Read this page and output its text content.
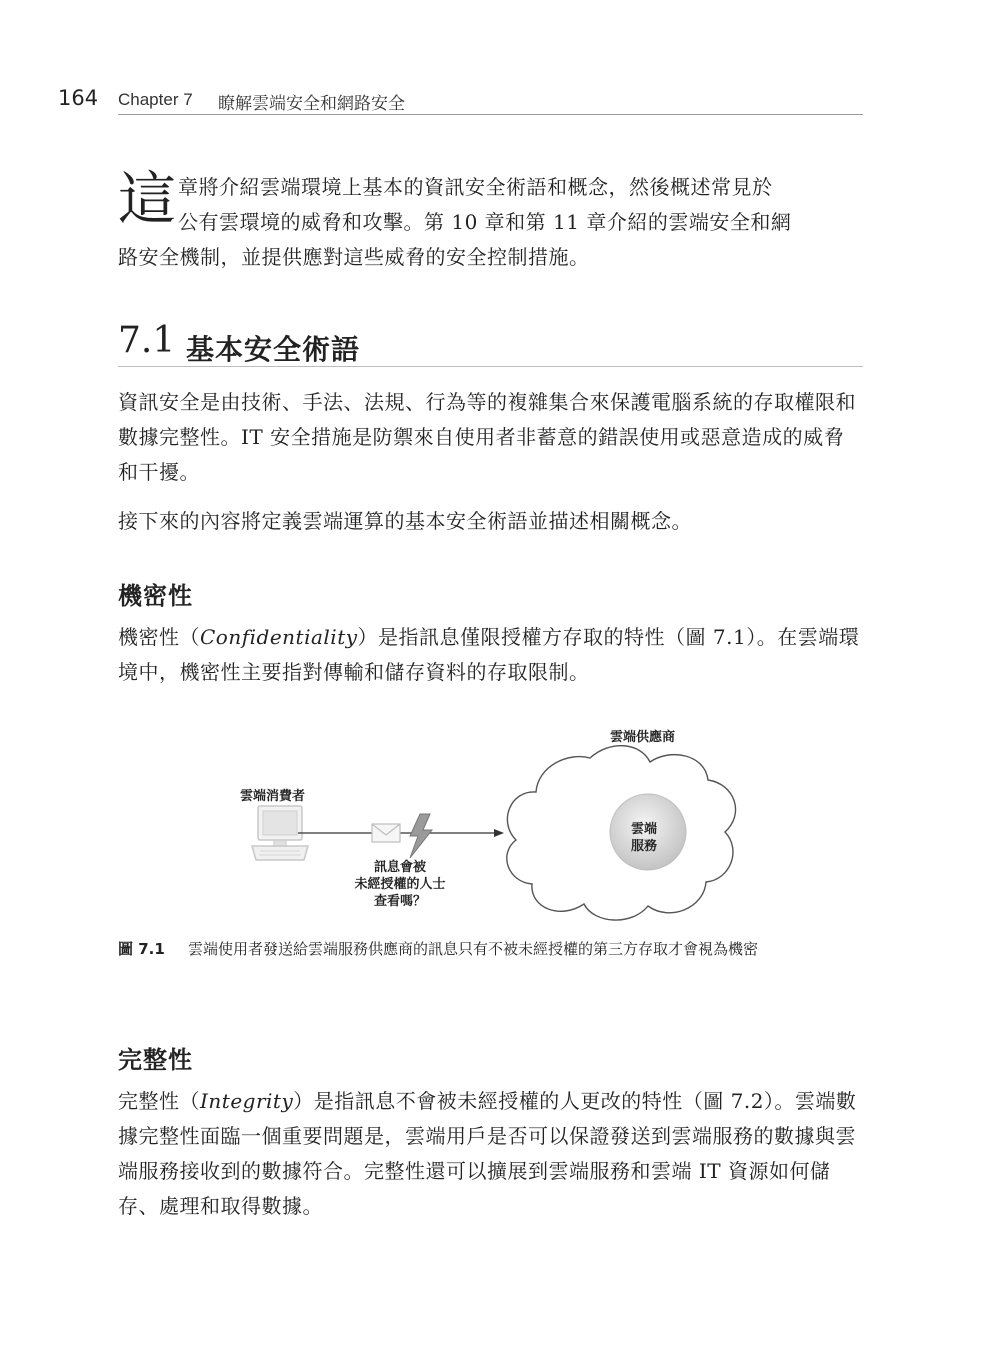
164 Chapter 7 瞭解雲端安全和網路安全
這 章將介紹雲端環境上基本的資訊安全術語和概念，然後概述常見於

公有雲環境的威脅和攻擊。第 10 章和第 11 章介紹的雲端安全和網

路安全機制，並提供應對這些威脅的安全控制措施。

7.1 基本安全術語

資訊安全是由技術、手法、法規、行為等的複雜集合來保護電腦系統的存取權限和數據完整性。IT 安全措施是防禦來自使用者非蓄意的錯誤使用或惡意造成的威脅和干擾。

接下來的內容將定義雲端運算的基本安全術語並描述相關概念。

機密性

機密性（Confidentiality）是指訊息僅限授權方存取的特性（圖 7.1）。在雲端環境中，機密性主要指對傳輸和儲存資料的存取限制。

雲端供應商
雲端消費者
雲端
服務
訊息會被
未經授權的人士
查看嗎？
圖 7.1 雲端使用者發送給雲端服務供應商的訊息只有不被未經授權的第三方存取才會視為機密
完整性

完整性（Integrity）是指訊息不會被未經授權的人更改的特性（圖 7.2）。雲端數據完整性面臨一個重要問題是，雲端用戶是否可以保證發送到雲端服務的數據與雲端服務接收到的數據符合。完整性還可以擴展到雲端服務和雲端 IT 資源如何儲存、處理和取得數據。
